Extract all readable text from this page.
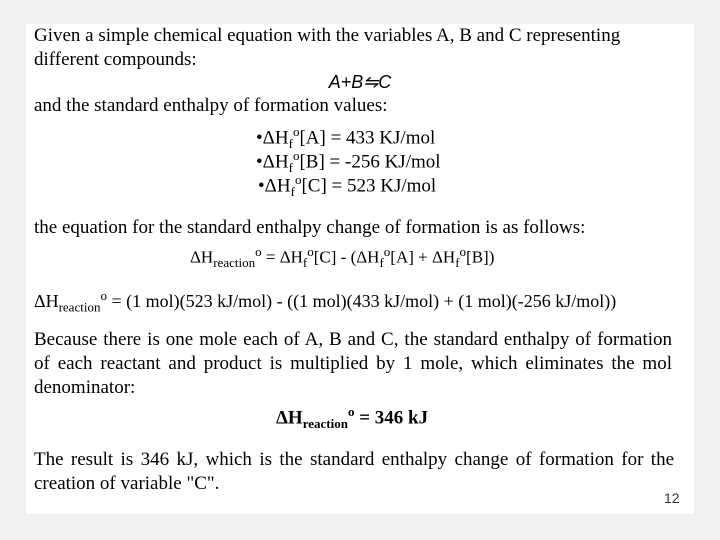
Given a simple chemical equation with the variables A, B and C representing
different compounds:
A+B⇋C
and the standard enthalpy of formation values:
$•\Delta H_f^o[A] = 433$ KJ/mol
$•\Delta H_f^o[B] = -256$ KJ/mol
$•\Delta H_f^o[C] = 523$ KJ/mol
the equation for the standard enthalpy change of formation is as follows:
$\Delta H_{reaction}^o = \Delta H_f^o[C] - (\Delta H_f^o[A] + \Delta H_f^o[B])$
$\Delta H_{reaction}^o = (1$ mol)(523 kJ/mol) - ((1 mol)(433 kJ/mol) + (1 mol)(-256 kJ/mol))
Because there is one mole each of A, B and C, the standard enthalpy of formation of each reactant and product is multiplied by 1 mole, which eliminates the mol denominator:
$\Delta H_{reaction}^o = 346$ kJ
The result is 346 kJ, which is the standard enthalpy change of formation for the creation of variable "C".
12
